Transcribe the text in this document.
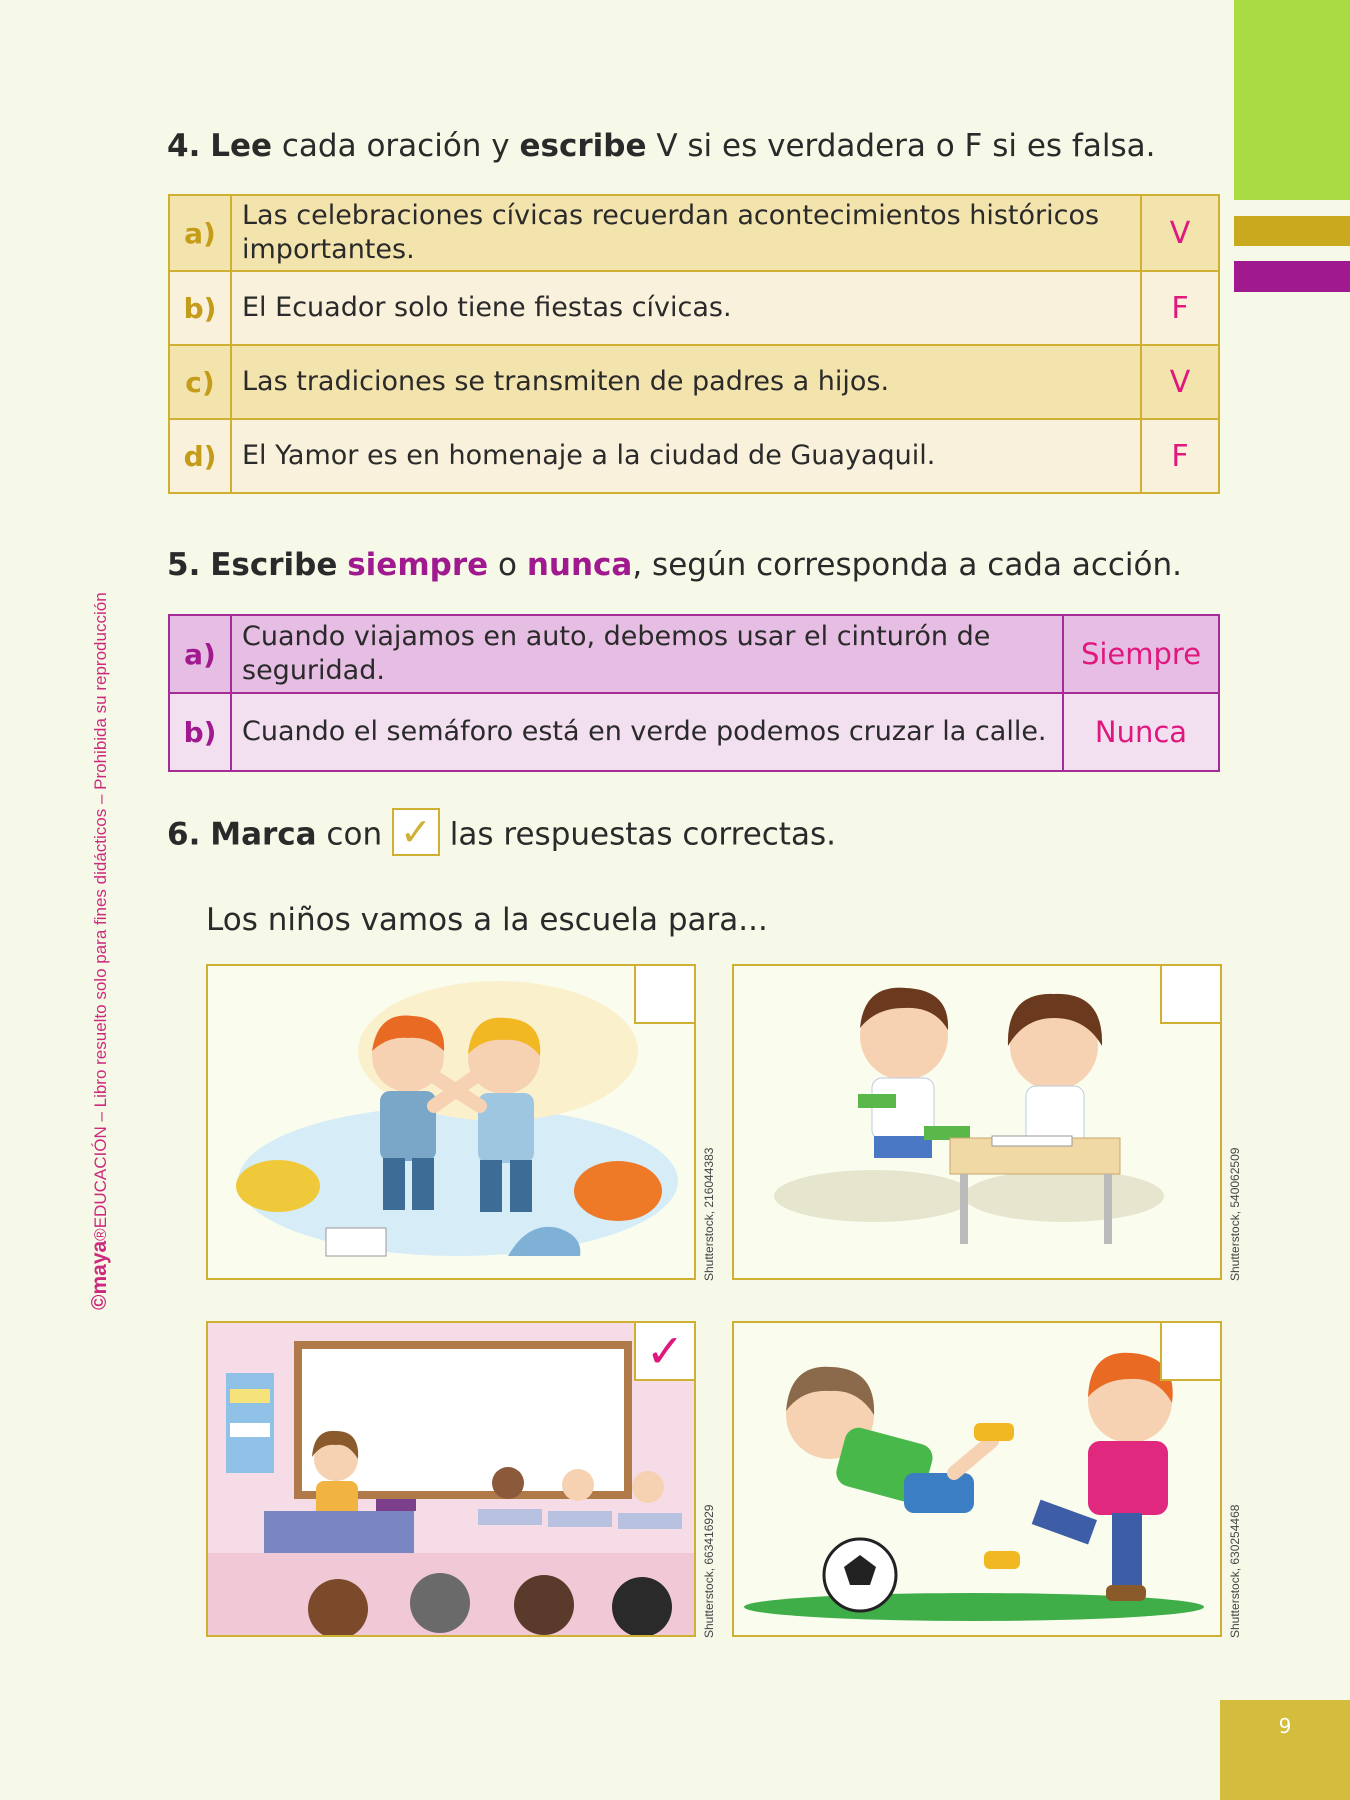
©maya®EDUCACIÓN – Libro resuelto solo para fines didácticos – Prohibida su reproducción
4. Lee cada oración y escribe V si es verdadera o F si es falsa.
a)	Las celebraciones cívicas recuerdan acontecimientos históricos importantes.	V
b)	El Ecuador solo tiene fiestas cívicas.	F
c)	Las tradiciones se transmiten de padres a hijos.	V
d)	El Yamor es en homenaje a la ciudad de Guayaquil.	F
5. Escribe siempre o nunca, según corresponda a cada acción.
a)	Cuando viajamos en auto, debemos usar el cinturón de seguridad.	Siempre
b)	Cuando el semáforo está en verde podemos cruzar la calle.	Nunca
6. Marca con ✓ las respuestas correctas.
Los niños vamos a la escuela para...
Shutterstock, 216044383	Shutterstock, 540062509
✓
Shutterstock, 663416929	Shutterstock, 630254468
9
